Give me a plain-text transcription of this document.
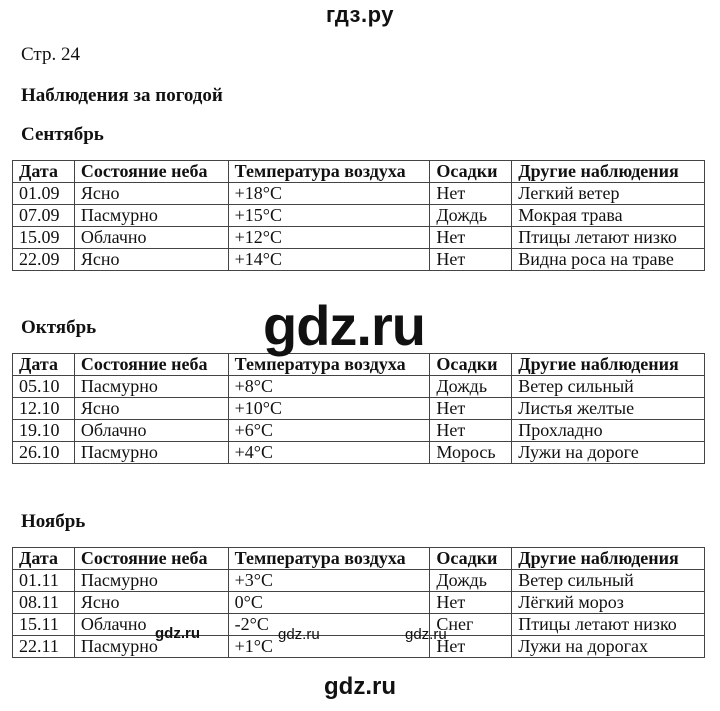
гдз.ру
Стр. 24
Наблюдения за погодой
Сентябрь
Дата	Состояние неба	Температура воздуха	Осадки	Другие наблюдения
01.09	Ясно	+18°C	Нет	Легкий ветер
07.09	Пасмурно	+15°C	Дождь	Мокрая трава
15.09	Облачно	+12°C	Нет	Птицы летают низко
22.09	Ясно	+14°C	Нет	Видна роса на траве
Октябрь
Дата	Состояние неба	Температура воздуха	Осадки	Другие наблюдения
05.10	Пасмурно	+8°C	Дождь	Ветер сильный
12.10	Ясно	+10°C	Нет	Листья желтые
19.10	Облачно	+6°C	Нет	Прохладно
26.10	Пасмурно	+4°C	Морось	Лужи на дороге
Ноябрь
Дата	Состояние неба	Температура воздуха	Осадки	Другие наблюдения
01.11	Пасмурно	+3°C	Дождь	Ветер сильный
08.11	Ясно	0°C	Нет	Лёгкий мороз
15.11	Облачно	-2°C	Снег	Птицы летают низко
22.11	Пасмурно	+1°C	Нет	Лужи на дорогах
gdz.ru
gdz.ru	gdz.ru	gdz.ru
gdz.ru
